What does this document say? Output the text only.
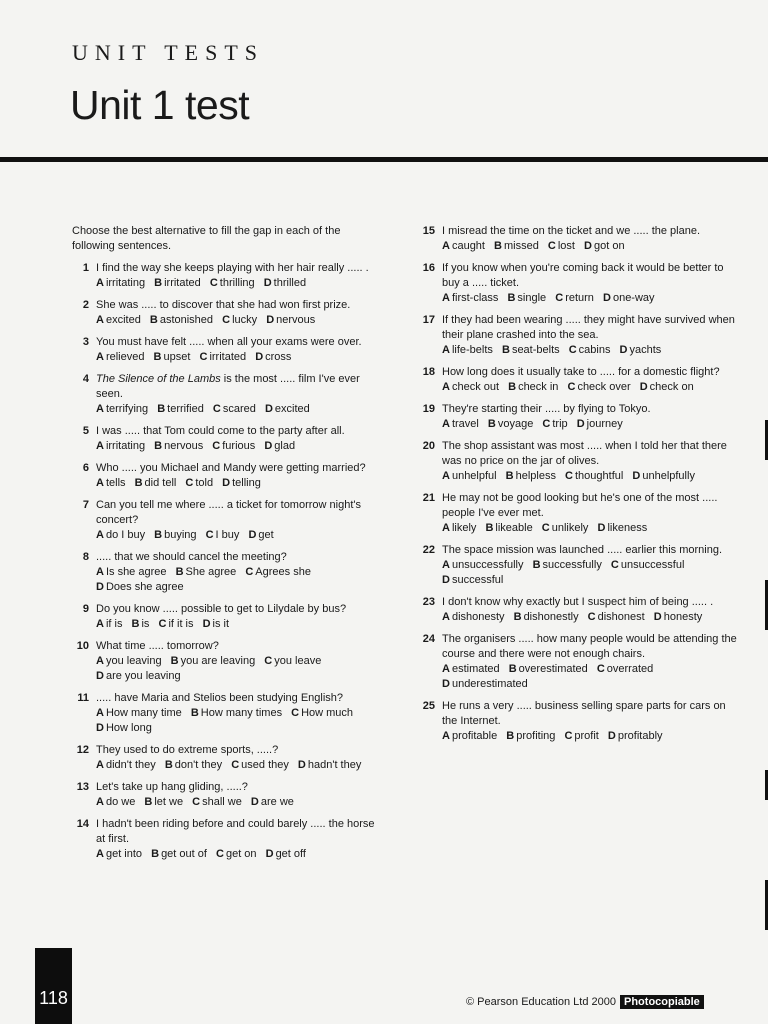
UNIT TESTS
Unit 1 test
Choose the best alternative to fill the gap in each of the following sentences.
1 I find the way she keeps playing with her hair really ..... .
A irritating B irritated C thrilling D thrilled
2 She was ..... to discover that she had won first prize.
A excited B astonished C lucky D nervous
3 You must have felt ..... when all your exams were over.
A relieved B upset C irritated D cross
4 The Silence of the Lambs is the most ..... film I've ever seen.
A terrifying B terrified C scared D excited
5 I was ..... that Tom could come to the party after all.
A irritating B nervous C furious D glad
6 Who ..... you Michael and Mandy were getting married?
A tells B did tell C told D telling
7 Can you tell me where ..... a ticket for tomorrow night's concert?
A do I buy B buying C I buy D get
8 ..... that we should cancel the meeting?
A Is she agree B She agree C Agrees she D Does she agree
9 Do you know ..... possible to get to Lilydale by bus?
A if is B is C if it is D is it
10 What time ..... tomorrow?
A you leaving B you are leaving C you leave D are you leaving
11 ..... have Maria and Stelios been studying English?
A How many time B How many times C How much D How long
12 They used to do extreme sports, .....?
A didn't they B don't they C used they D hadn't they
13 Let's take up hang gliding, .....?
A do we B let we C shall we D are we
14 I hadn't been riding before and could barely ..... the horse at first.
A get into B get out of C get on D get off
15 I misread the time on the ticket and we ..... the plane.
A caught B missed C lost D got on
16 If you know when you're coming back it would be better to buy a ..... ticket.
A first-class B single C return D one-way
17 If they had been wearing ..... they might have survived when their plane crashed into the sea.
A life-belts B seat-belts C cabins D yachts
18 How long does it usually take to ..... for a domestic flight?
A check out B check in C check over D check on
19 They're starting their ..... by flying to Tokyo.
A travel B voyage C trip D journey
20 The shop assistant was most ..... when I told her that there was no price on the jar of olives.
A unhelpful B helpless C thoughtful D unhelpfully
21 He may not be good looking but he's one of the most ..... people I've ever met.
A likely B likeable C unlikely D likeness
22 The space mission was launched ..... earlier this morning.
A unsuccessfully B successfully C unsuccessful D successful
23 I don't know why exactly but I suspect him of being ..... .
A dishonesty B dishonestly C dishonest D honesty
24 The organisers ..... how many people would be attending the course and there were not enough chairs.
A estimated B overestimated C overrated D underestimated
25 He runs a very ..... business selling spare parts for cars on the Internet.
A profitable B profiting C profit D profitably
118	© Pearson Education Ltd 2000 Photocopiable
